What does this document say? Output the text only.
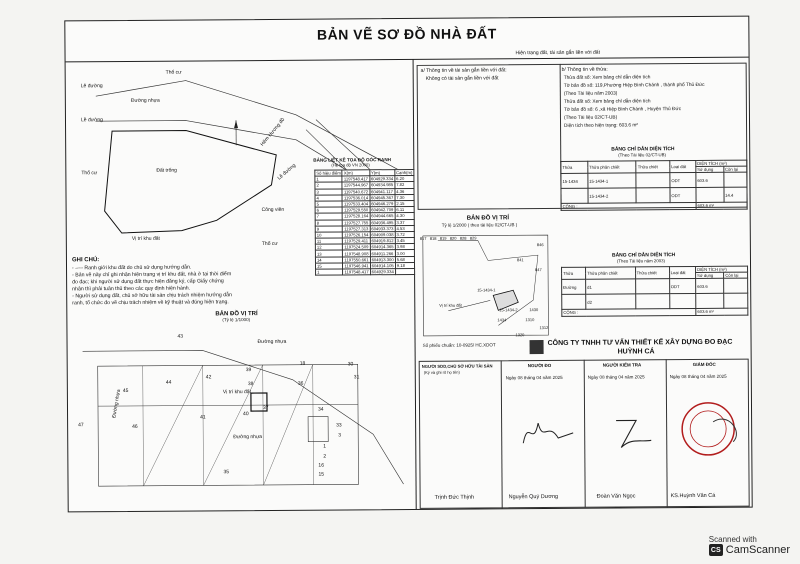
BẢN VẼ SƠ ĐỒ NHÀ ĐẤT
Hiện trạng đất, tài sản gắn liền với đất
Thổ cư
Lê đường
Đường nhựa
Lề đường	Hẻm Hương đồ
Thổ cư	Đất trống
Công viên
Vị trí khu đất
Thổ cư
Lề đường
BẢNG LIỆT KÊ TỌA ĐỘ GÓC RANH
(Hệ tọa độ VN 2000)
Số hiệu điểm	X(m)	Y(m)	Cạnh(m)
1	1197548.417	604929.334	6.20
2	1197544.967	604934.985	7.82
3	1197540.672	604941.117	4.36
4	1197536.014	604945.367	7.30
5	1197533.404	604946.279	2.15
6	1197529.550	604942.709	6.11
7	1197528.164	604944.665	4.30
8	1197527.755	604936.495	3.37
9	1197527.313	604933.373	4.53
10	1197526.154	604909.038	3.72
11	1197529.411	604919.812	3.45
12	1197524.509	604914.365	3.98
13	1197548.908	604911.266	3.00
14	1197550.661	604913.300	5.68
15	1197546.941	604914.105	9.18
1	1197548.417	604929.334	
GHI CHÚ:
- ⎯⎯⎯ Ranh giới khu đất do chủ sử dụng hướng dẫn.
- Bản vẽ này chỉ ghi nhận hiện trạng vị trí khu đất, nhà ở tại thời điểm
đo đạc; khi người sử dụng đất thực hiện đăng ký, cấp Giấy chứng
nhận thì phải tuân thủ theo các quy định hiện hành.
- Người sử dụng đất, chủ sở hữu tài sản chịu trách nhiệm hướng dẫn
ranh, tổ chức đo vẽ chịu trách nhiệm về kỹ thuật và đúng hiện trạng.
BẢN ĐỒ VỊ TRÍ
(Tỷ lệ 1/1000)
43
Đường nhựa
Vị trí khu đất
Đường nhựa
Đường nhựa
45
44
42
39
38
41
40
37
36
34
47	46
35
33
3
1
2
16
15
30
18
31
a/ Thông tin về tài sản gắn liền với đất:
Không có tài sản gắn liền với đất
b/ Thông tin về thửa:
Thửa đất số: Xem bảng chỉ dẫn diện tích
Tờ bản đồ số: 119,Phường Hiệp Bình Chánh , thành phố Thủ Đức
(Theo Tài liệu năm 2003)
Thửa đất số: Xem bảng chỉ dẫn diện tích
Tờ bản đồ số: 6 ,xã Hiệp Bình Chánh , Huyện Thủ Đức
(Theo Tài liệu 02/CT-UB)
Diện tích theo hiện trạng: 603.6 m²
BẢNG CHỈ DẪN DIỆN TÍCH
(Theo Tài liệu 02/CT-UB)
Thửa	Thửa phân chiết	Thửa chiết	Loại đất	DIỆN TÍCH (m²)	
				Sử dụng	Còn lại
15-1434	15-1434-1		ODT	603.6	
	15-1434-2		ODT		14.4
CỘNG :				603.6 m²	
BẢN ĐỒ VỊ TRÍ
Tỷ lệ 1/2000 ( theo tài liệu 02/CT-UB )
817 818 819 820 828 829
846
841
847
15-1434-1
15-1434-2	1430
1434	1310
1312
1320
Vị trí khu đất
BẢNG CHỈ DẪN DIỆN TÍCH
(Theo Tài liệu năm 2003)
Thửa	Thửa phân chiết	Thửa chiết	Loại đất	DIỆN TÍCH (m²)	
				Sử dụng	Còn lại
Đường	d1		ODT	603.6	
	d2				
CỘNG :				603.6 m²	
Số phiếu chuẩn: 10-0925/ HC.XDOT	CÔNG TY TNHH TƯ VẤN THIẾT KẾ XÂY DỰNG ĐO ĐẠC
HUỲNH CÁ
NGƯỜI SDD,CHỦ SỞ HỮU TÀI SẢN	NGƯỜI ĐO	NGƯỜI KIỂM TRA	GIÁM ĐỐC
(Ký và ghi rõ họ tên)
Ngày 08 tháng 04 năm 2025	Ngày 08 tháng 04 năm 2025	Ngày 08 tháng 04 năm 2025
Trịnh Đức Thịnh	Nguyễn Quý Dương	Đoàn Văn Ngọc	KS.Huỳnh Văn Cá
Scanned with
CS CamScanner
